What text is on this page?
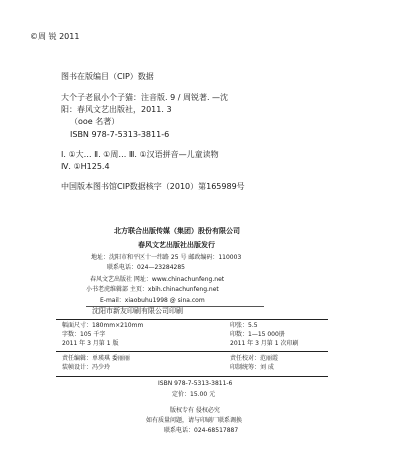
©周 锐 2011
图书在版编目（CIP）数据
大个子老鼠小个子猫：注音版. 9 / 周锐著. —沈
阳：春风文艺出版社，2011. 3
（ooe 名著）
ISBN 978-7-5313-3811-6
Ⅰ. ①大… Ⅱ. ①周… Ⅲ. ①汉语拼音—儿童读物
Ⅳ. ①H125.4
中国版本图书馆CIP数据核字（2010）第165989号
北方联合出版传媒（集团）股份有限公司
春风文艺出版社出版发行
地址：沈阳市和平区十一纬路 25 号 邮政编码：110003
联系电话：024—23284285
春风文艺出版社 网址：www.chinachunfeng.net
小书老虎维辑部 主页：xbih.chinachunfeng.net
E-mail：xiaobuhu1998 @ sina.com
沈阳市新友印刷有限公司印刷
幅面尺寸：180mm×210mm
字数：105 千字
2011 年 3 月第 1 版
印张：5.5
印数：1—15 000册
2011 年 3 月第 1 次印刷
责任编辑：单瑛琪 委丽丽
装帧设计：冯少玲
责任校对：范丽霞
印制统筹：刘 成
ISBN 978-7-5313-3811-6
定价：15.00 元
版权专有 侵权必究
如有质量问题，请与印刷厂联系调换
联系电话：024-68517887
